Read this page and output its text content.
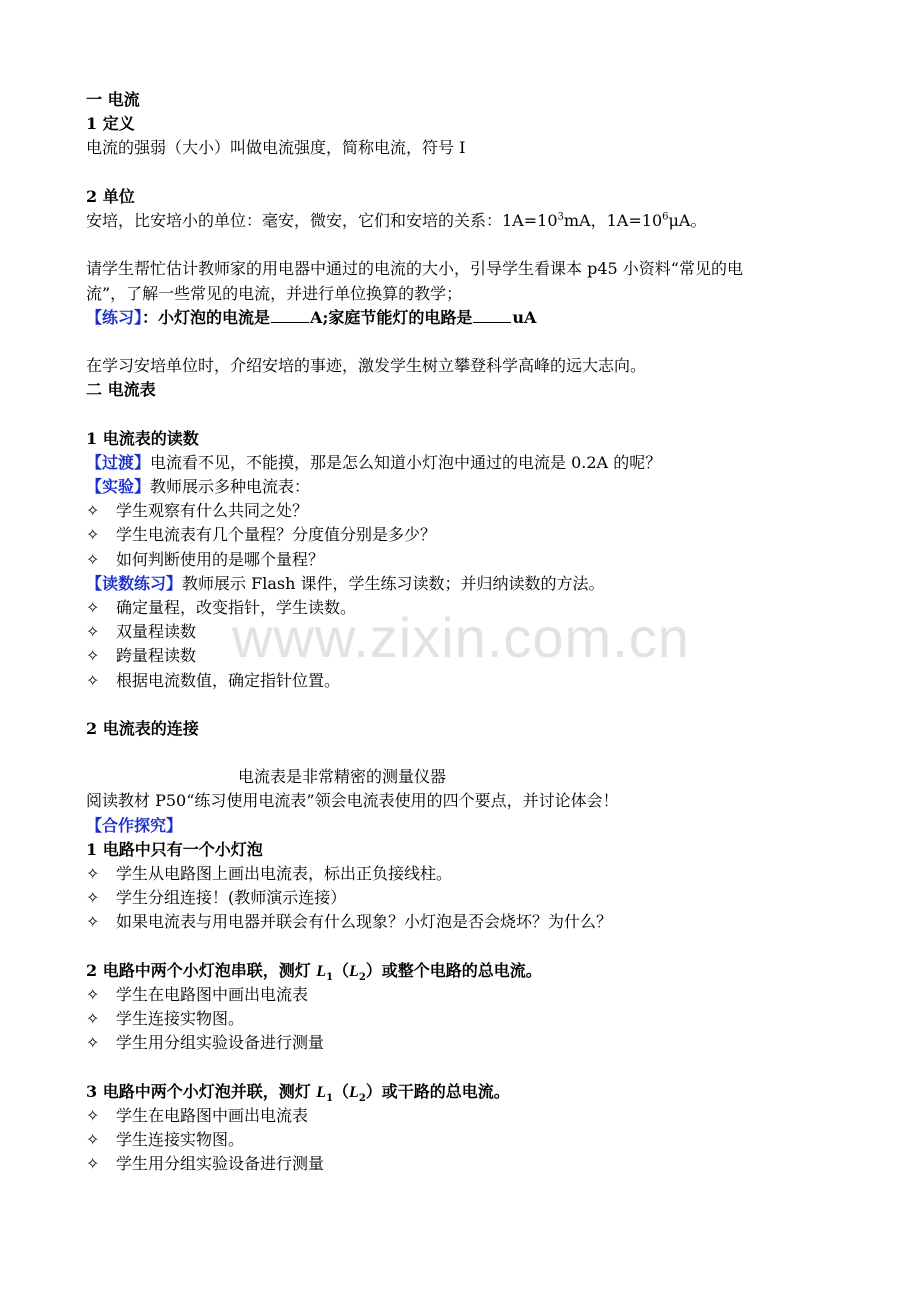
www.zixin.com.cn
一 电流
1 定义
电流的强弱（大小）叫做电流强度，简称电流，符号 I
2 单位
安培，比安培小的单位：毫安，微安，它们和安培的关系：$1A=10^3mA$，$1A=10^6\mu A$。
请学生帮忙估计教师家的用电器中通过的电流的大小，引导学生看课本 p45 小资料“常见的电
流”，了解一些常见的电流，并进行单位换算的教学；
【练习】：小灯泡的电流是	A;家庭节能灯的电路是	uA
在学习安培单位时，介绍安培的事迹，激发学生树立攀登科学高峰的远大志向。
二 电流表
1 电流表的读数
【过渡】电流看不见，不能摸，那是怎么知道小灯泡中通过的电流是 0.2A 的呢？
【实验】教师展示多种电流表：
✧ 学生观察有什么共同之处？
✧ 学生电流表有几个量程？分度值分别是多少？
✧ 如何判断使用的是哪个量程？
【读数练习】教师展示 Flash 课件，学生练习读数；并归纳读数的方法。
✧ 确定量程，改变指针，学生读数。
✧ 双量程读数
✧ 跨量程读数
✧ 根据电流数值，确定指针位置。
2 电流表的连接
电流表是非常精密的测量仪器
阅读教材 P50“练习使用电流表”领会电流表使用的四个要点，并讨论体会！
【合作探究】
1 电路中只有一个小灯泡
✧ 学生从电路图上画出电流表，标出正负接线柱。
✧ 学生分组连接！(教师演示连接）
✧ 如果电流表与用电器并联会有什么现象？小灯泡是否会烧坏？为什么？
2 电路中两个小灯泡串联，测灯 $L_1(L_2)$或整个电路的总电流。
✧ 学生在电路图中画出电流表
✧ 学生连接实物图。
✧ 学生用分组实验设备进行测量
3 电路中两个小灯泡并联，测灯 $L_1(L_2)$或干路的总电流。
✧ 学生在电路图中画出电流表
✧ 学生连接实物图。
✧ 学生用分组实验设备进行测量
